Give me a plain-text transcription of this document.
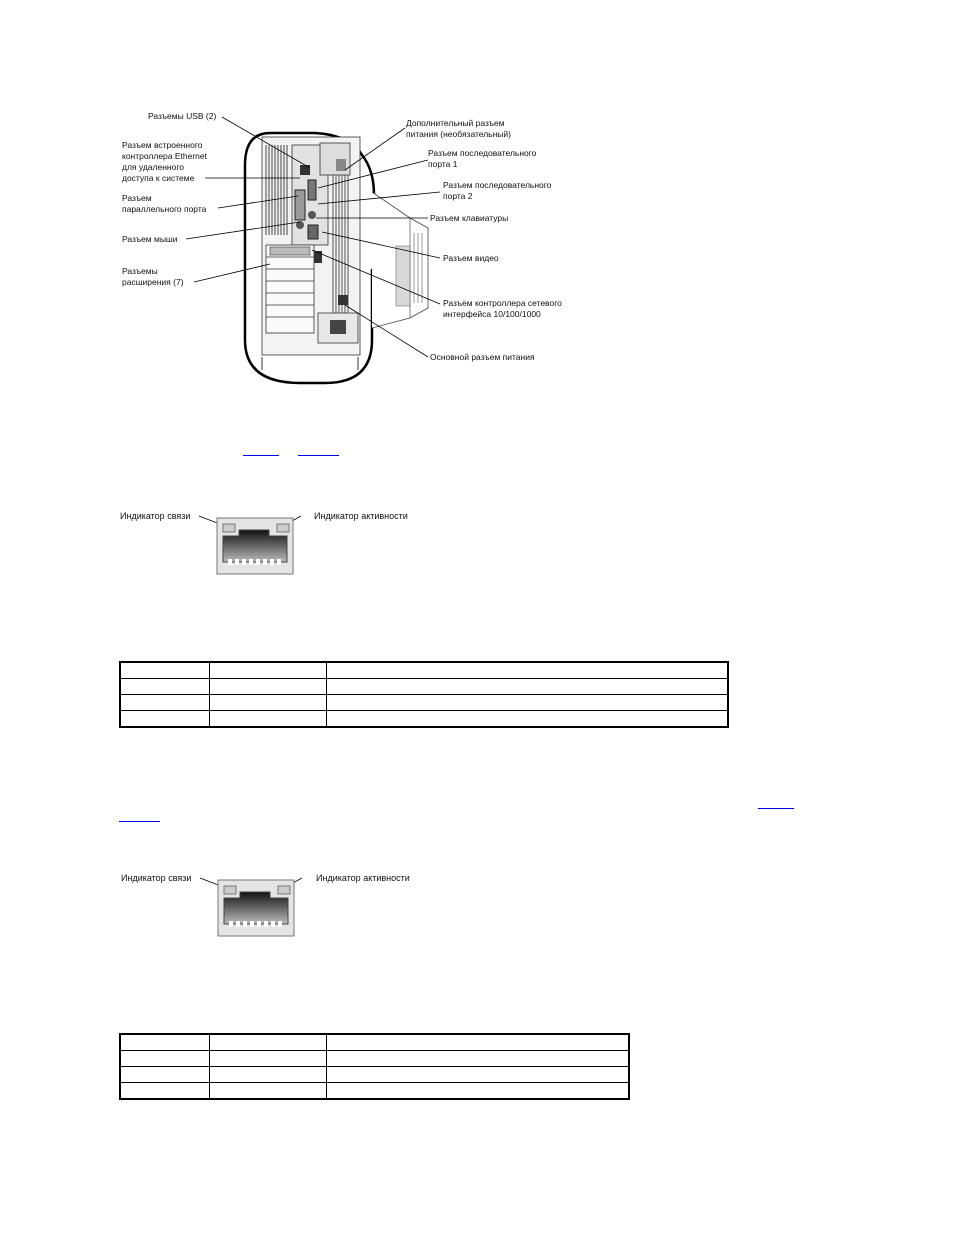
Разъемы USB (2)
Разъем встроенного
контроллера Ethernet
для удаленного
доступа к системе
Разъем
параллельного порта
Разъем мыши
Разъемы
расширения (7)
Дополнительный разъем
питания (необязательный)
Разъем последовательного
порта 1
Разъем последовательного
порта 2
Разъем клавиатуры
Разъем видео
Разъем контроллера сетевого
интерфейса 10/100/1000
Основной разъем питания
Индикатор связи	Индикатор активности

Индикатор связи	Индикатор активности
